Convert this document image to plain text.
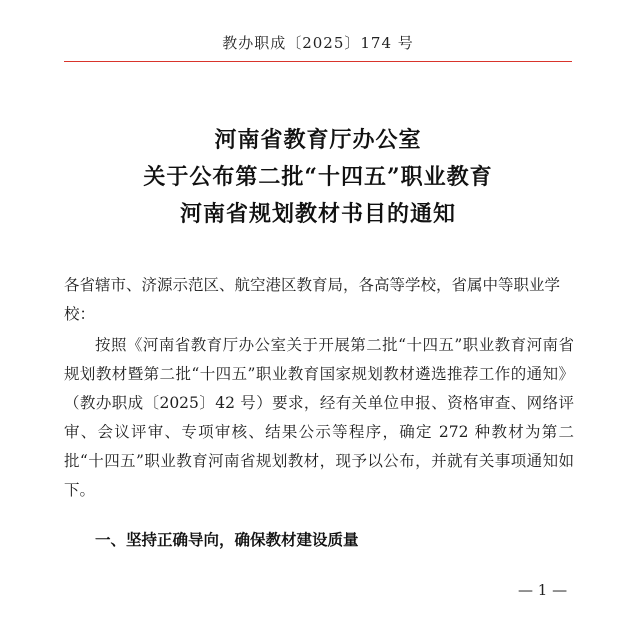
教办职成〔2025〕174 号
河南省教育厅办公室
关于公布第二批“十四五”职业教育
河南省规划教材书目的通知
各省辖市、济源示范区、航空港区教育局，各高等学校，省属中等职业学校：
按照《河南省教育厅办公室关于开展第二批“十四五”职业教育河南省规划教材暨第二批“十四五”职业教育国家规划教材遴选推荐工作的通知》（教办职成〔2025〕42 号）要求，经有关单位申报、资格审查、网络评审、会议评审、专项审核、结果公示等程序，确定 272 种教材为第二批“十四五”职业教育河南省规划教材，现予以公布，并就有关事项通知如下。
一、坚持正确导向，确保教材建设质量
— 1 —
